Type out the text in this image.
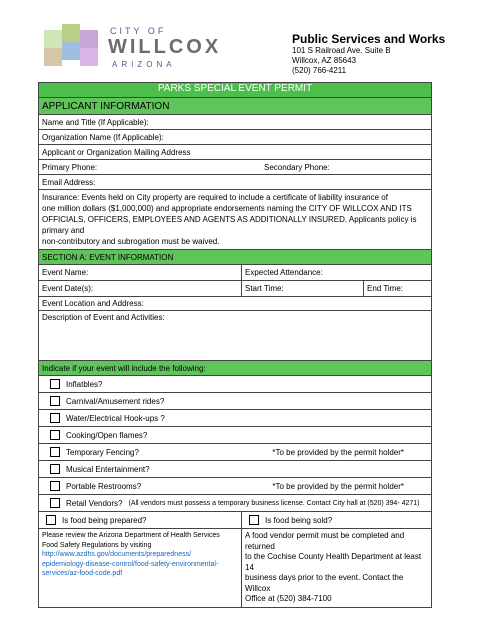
CITY OF
WILLCOX
ARIZONA
Public Services and Works
101 S Railroad Ave. Suite B
Willcox, AZ 85643
(520) 766-4211
PARKS SPECIAL EVENT PERMIT
APPLICANT INFORMATION
Name and Title (If Applicable):
Organization Name (If Applicable):
Applicant or Organization Mailing Address
Primary Phone:	Secondary Phone:
Email Address:
Insurance: Events held on City property are required to include a certificate of liability insurance of
one million dollars ($1,000,000) and appropriate endorsements naming the CITY OF WILLCOX AND ITS
OFFICIALS, OFFICERS, EMPLOYEES AND AGENTS AS ADDITIONALLY INSURED. Applicants policy is primary and
non-contributory and subrogation must be waived.
SECTION A: EVENT INFORMATION
Event Name:	Expected Attendance:
Event Date(s):	Start Time:	End Time:
Event Location and Address:
Description of Event and Activities:
Indicate if your event will include the following:
Inflatbles?
Carnival/Amusement rides?
Water/Electrical Hook-ups ?
Cooking/Open flames?
Temporary Fencing?	*To be provided by the permit holder*
Musical Entertainment?
Portable Restrooms?	*To be provided by the permit holder*
Retail Vendors? (All vendors must possess a temporary business license. Contact City hall at (520) 394- 4271)
Is food being prepared?	Is food being sold?
Please review the Arizona Department of Health Services
Food Safety Regulations by visiting
http://www.azdhs.gov/documents/preparedness/
epidemiology-disease-control/food-safety-environmental-
services/az-food-code.pdf
A food vendor permit must be completed and returned
to the Cochise County Health Department at least 14
business days prior to the event. Contact the Willcox
Office at (520) 384-7100
